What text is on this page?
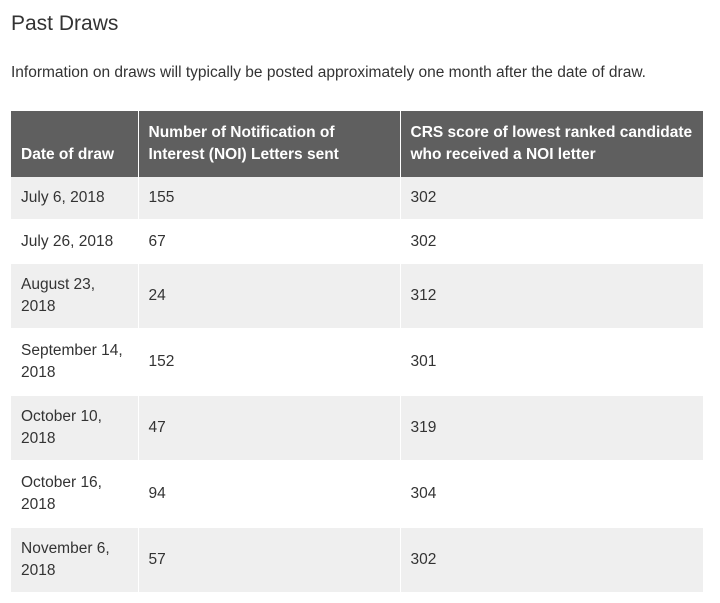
Past Draws

Information on draws will typically be posted approximately one month after the date of draw.

Date of draw	Number of Notification of Interest (NOI) Letters sent	CRS score of lowest ranked candidate who received a NOI letter
July 6, 2018	155	302
July 26, 2018	67	302
August 23, 2018	24	312
September 14, 2018	152	301
October 10, 2018	47	319
October 16, 2018	94	304
November 6, 2018	57	302
